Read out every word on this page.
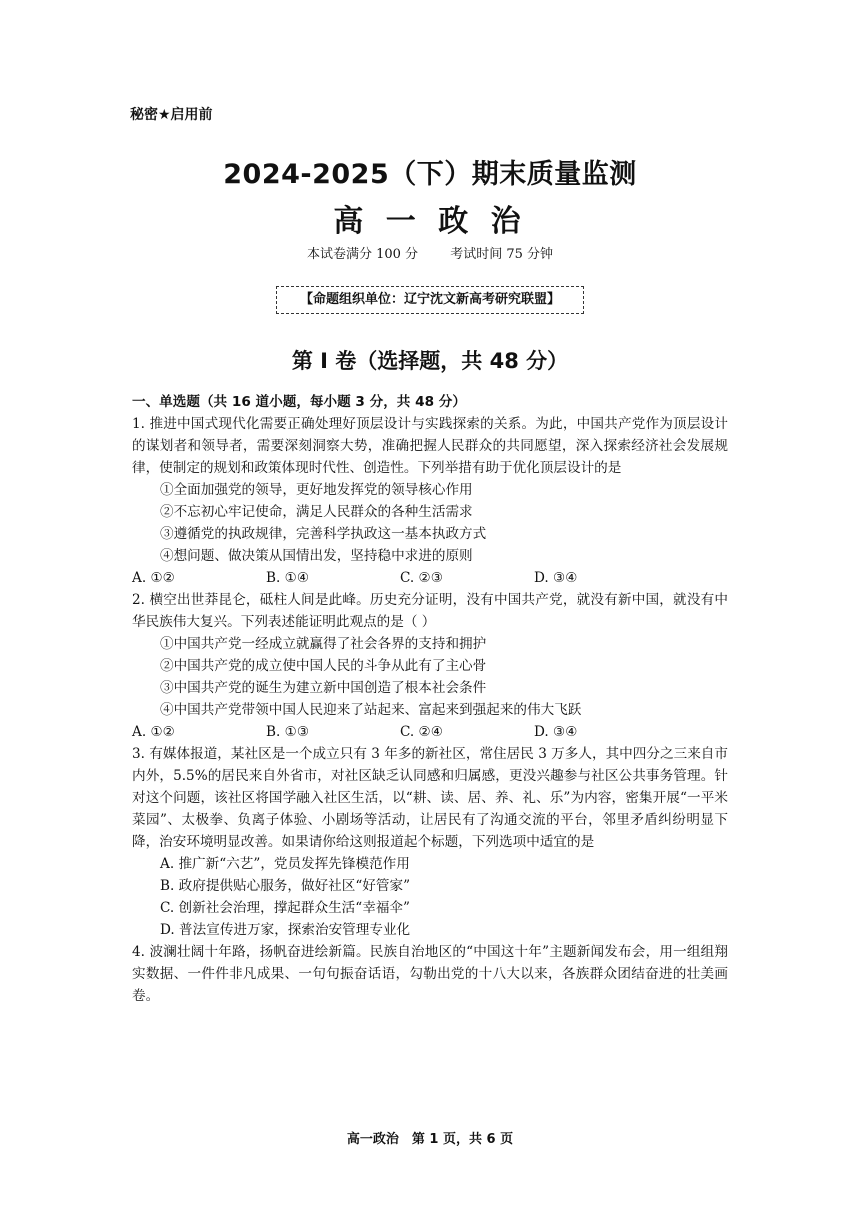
秘密★启用前
2024-2025（下）期末质量监测
高 一 政 治
本试卷满分 100 分 考试时间 75 分钟
【命题组织单位：辽宁沈文新高考研究联盟】
第 I 卷（选择题，共 48 分）

一、单选题（共 16 道小题，每小题 3 分，共 48 分）

1. 推进中国式现代化需要正确处理好顶层设计与实践探索的关系。为此，中国共产党作为顶层设计的谋划者和领导者，需要深刻洞察大势，准确把握人民群众的共同愿望，深入探索经济社会发展规律，使制定的规划和政策体现时代性、创造性。下列举措有助于优化顶层设计的是

①全面加强党的领导，更好地发挥党的领导核心作用

②不忘初心牢记使命，满足人民群众的各种生活需求

③遵循党的执政规律，完善科学执政这一基本执政方式

④想问题、做决策从国情出发，坚持稳中求进的原则

A. ①②	B. ①④	C. ②③	D. ③④

2. 横空出世莽昆仑，砥柱人间是此峰。历史充分证明，没有中国共产党，就没有新中国，就没有中华民族伟大复兴。下列表述能证明此观点的是（ ）

①中国共产党一经成立就赢得了社会各界的支持和拥护

②中国共产党的成立使中国人民的斗争从此有了主心骨

③中国共产党的诞生为建立新中国创造了根本社会条件

④中国共产党带领中国人民迎来了站起来、富起来到强起来的伟大飞跃

A. ①②	B. ①③	C. ②④	D. ③④

3. 有媒体报道，某社区是一个成立只有 3 年多的新社区，常住居民 3 万多人，其中四分之三来自市内外，5.5%的居民来自外省市，对社区缺乏认同感和归属感，更没兴趣参与社区公共事务管理。针对这个问题，该社区将国学融入社区生活，以“耕、读、居、养、礼、乐”为内容，密集开展“一平米菜园”、太极拳、负离子体验、小剧场等活动，让居民有了沟通交流的平台，邻里矛盾纠纷明显下降，治安环境明显改善。如果请你给这则报道起个标题，下列选项中适宜的是

A. 推广新“六艺”，党员发挥先锋模范作用

B. 政府提供贴心服务，做好社区“好管家”

C. 创新社会治理，撑起群众生活“幸福伞”

D. 普法宣传进万家，探索治安管理专业化

4. 波澜壮阔十年路，扬帆奋进绘新篇。民族自治地区的“中国这十年”主题新闻发布会，用一组组翔实数据、一件件非凡成果、一句句振奋话语，勾勒出党的十八大以来，各族群众团结奋进的壮美画卷。

高一政治　第 1 页，共 6 页
